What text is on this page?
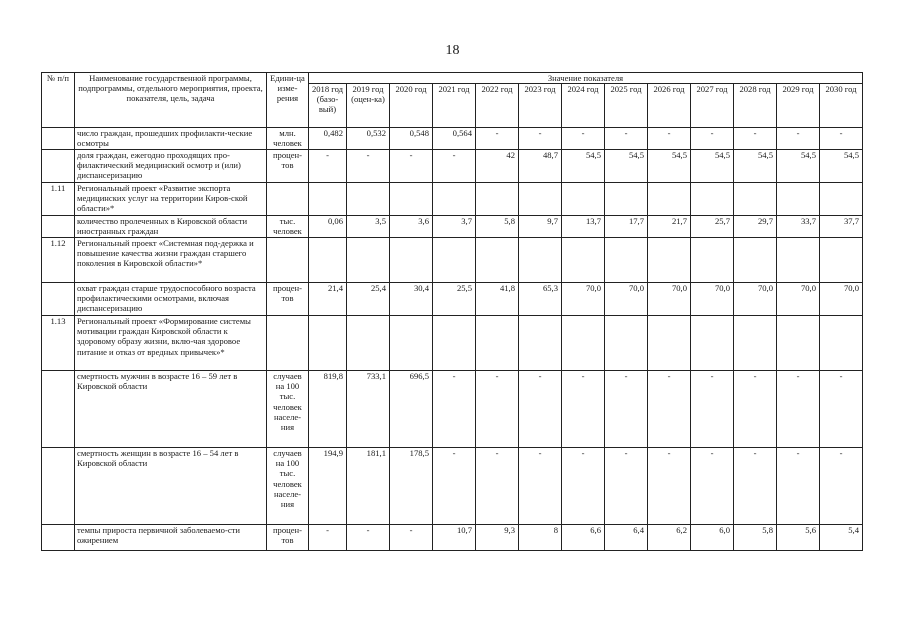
18
№ п/п	Наименование государственной программы, подпрограммы, отдельного мероприятия, проекта, показателя, цель, задача	Едини-ца изме-рения	Значение показателя												
			2018 год (базо-вый)	2019 год (оцен-ка)	2020 год	2021 год	2022 год	2023 год	2024 год	2025 год	2026 год	2027 год	2028 год	2029 год	2030 год
	число граждан, прошедших профилакти-ческие осмотры	млн. человек	0,482	0,532	0,548	0,564	-	-	-	-	-	-	-	-	-
	доля граждан, ежегодно проходящих про-филактический медицинский осмотр и (или) диспансеризацию	процен-тов	-	-	-	-	42	48,7	54,5	54,5	54,5	54,5	54,5	54,5	54,5
1.11	Региональный проект «Развитие экспорта медицинских услуг на территории Киров-ской области»*														
	количество пролеченных в Кировской области иностранных граждан	тыс. человек	0,06	3,5	3,6	3,7	5,8	9,7	13,7	17,7	21,7	25,7	29,7	33,7	37,7
1.12	Региональный проект «Системная под-держка и повышение качества жизни граждан старшего поколения в Кировской области»*														
	охват граждан старше трудоспособного возраста профилактическими осмотрами, включая диспансеризацию	процен-тов	21,4	25,4	30,4	25,5	41,8	65,3	70,0	70,0	70,0	70,0	70,0	70,0	70,0
1.13	Региональный проект «Формирование системы мотивации граждан Кировской области к здоровому образу жизни, вклю-чая здоровое питание и отказ от вредных привычек»*														
	смертность мужчин в возрасте 16 – 59 лет в Кировской области	случаев на 100 тыс. человек населе-ния	819,8	733,1	696,5	-	-	-	-	-	-	-	-	-	-
	смертность женщин в возрасте 16 – 54 лет в Кировской области	случаев на 100 тыс. человек населе-ния	194,9	181,1	178,5	-	-	-	-	-	-	-	-	-	-
	темпы прироста первичной заболеваемо-сти ожирением	процен-тов	-	-	-	10,7	9,3	8	6,6	6,4	6,2	6,0	5,8	5,6	5,4
